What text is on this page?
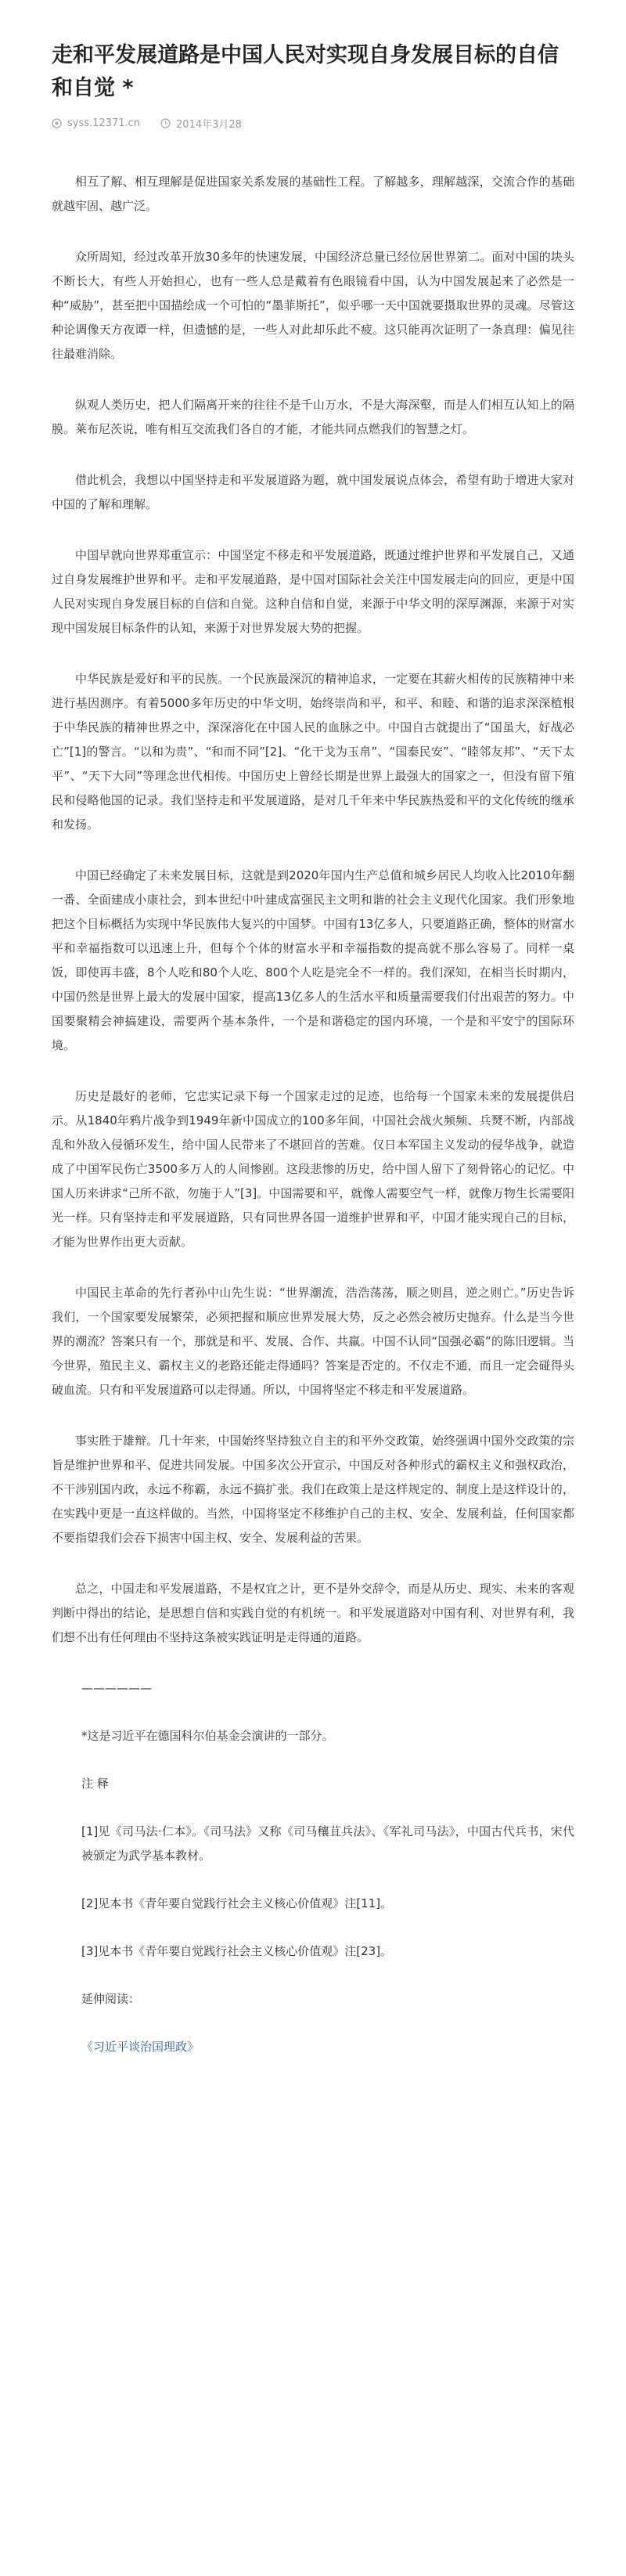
走和平发展道路是中国人民对实现自身发展目标的自信和自觉 *
syss.12371.cn	2014年3月28

相互了解、相互理解是促进国家关系发展的基础性工程。了解越多，理解越深，交流合作的基础就越牢固、越广泛。

众所周知，经过改革开放30多年的快速发展，中国经济总量已经位居世界第二。面对中国的块头不断长大，有些人开始担心，也有一些人总是戴着有色眼镜看中国，认为中国发展起来了必然是一种“威胁”，甚至把中国描绘成一个可怕的“墨菲斯托”，似乎哪一天中国就要摄取世界的灵魂。尽管这种论调像天方夜谭一样，但遗憾的是，一些人对此却乐此不疲。这只能再次证明了一条真理：偏见往往最难消除。

纵观人类历史，把人们隔离开来的往往不是千山万水，不是大海深壑，而是人们相互认知上的隔膜。莱布尼茨说，唯有相互交流我们各自的才能，才能共同点燃我们的智慧之灯。

借此机会，我想以中国坚持走和平发展道路为题，就中国发展说点体会，希望有助于增进大家对中国的了解和理解。

中国早就向世界郑重宣示：中国坚定不移走和平发展道路，既通过维护世界和平发展自己，又通过自身发展维护世界和平。走和平发展道路，是中国对国际社会关注中国发展走向的回应，更是中国人民对实现自身发展目标的自信和自觉。这种自信和自觉，来源于中华文明的深厚渊源，来源于对实现中国发展目标条件的认知，来源于对世界发展大势的把握。

中华民族是爱好和平的民族。一个民族最深沉的精神追求，一定要在其薪火相传的民族精神中来进行基因测序。有着5000多年历史的中华文明，始终崇尚和平，和平、和睦、和谐的追求深深植根于中华民族的精神世界之中，深深溶化在中国人民的血脉之中。中国自古就提出了“国虽大，好战必亡”[1]的警言。“以和为贵”、“和而不同”[2]、“化干戈为玉帛”、“国泰民安”、“睦邻友邦”、“天下太平”、“天下大同”等理念世代相传。中国历史上曾经长期是世界上最强大的国家之一，但没有留下殖民和侵略他国的记录。我们坚持走和平发展道路，是对几千年来中华民族热爱和平的文化传统的继承和发扬。

中国已经确定了未来发展目标，这就是到2020年国内生产总值和城乡居民人均收入比2010年翻一番、全面建成小康社会，到本世纪中叶建成富强民主文明和谐的社会主义现代化国家。我们形象地把这个目标概括为实现中华民族伟大复兴的中国梦。中国有13亿多人，只要道路正确，整体的财富水平和幸福指数可以迅速上升，但每个个体的财富水平和幸福指数的提高就不那么容易了。同样一桌饭，即使再丰盛，8个人吃和80个人吃、800个人吃是完全不一样的。我们深知，在相当长时期内，中国仍然是世界上最大的发展中国家，提高13亿多人的生活水平和质量需要我们付出艰苦的努力。中国要聚精会神搞建设，需要两个基本条件，一个是和谐稳定的国内环境，一个是和平安宁的国际环境。

历史是最好的老师，它忠实记录下每一个国家走过的足迹，也给每一个国家未来的发展提供启示。从1840年鸦片战争到1949年新中国成立的100多年间，中国社会战火频频、兵燹不断，内部战乱和外敌入侵循环发生，给中国人民带来了不堪回首的苦难。仅日本军国主义发动的侵华战争，就造成了中国军民伤亡3500多万人的人间惨剧。这段悲惨的历史，给中国人留下了刻骨铭心的记忆。中国人历来讲求“己所不欲，勿施于人”[3]。中国需要和平，就像人需要空气一样，就像万物生长需要阳光一样。只有坚持走和平发展道路，只有同世界各国一道维护世界和平，中国才能实现自己的目标，才能为世界作出更大贡献。

中国民主革命的先行者孙中山先生说：“世界潮流，浩浩荡荡，顺之则昌，逆之则亡。”历史告诉我们，一个国家要发展繁荣，必须把握和顺应世界发展大势，反之必然会被历史抛弃。什么是当今世界的潮流？答案只有一个，那就是和平、发展、合作、共赢。中国不认同“国强必霸”的陈旧逻辑。当今世界，殖民主义、霸权主义的老路还能走得通吗？答案是否定的。不仅走不通，而且一定会碰得头破血流。只有和平发展道路可以走得通。所以，中国将坚定不移走和平发展道路。

事实胜于雄辩。几十年来，中国始终坚持独立自主的和平外交政策，始终强调中国外交政策的宗旨是维护世界和平、促进共同发展。中国多次公开宣示，中国反对各种形式的霸权主义和强权政治，不干涉别国内政，永远不称霸，永远不搞扩张。我们在政策上是这样规定的、制度上是这样设计的，在实践中更是一直这样做的。当然，中国将坚定不移维护自己的主权、安全、发展利益，任何国家都不要指望我们会吞下损害中国主权、安全、发展利益的苦果。

总之，中国走和平发展道路，不是权宜之计，更不是外交辞令，而是从历史、现实、未来的客观判断中得出的结论，是思想自信和实践自觉的有机统一。和平发展道路对中国有利、对世界有利，我们想不出有任何理由不坚持这条被实践证明是走得通的道路。

——————

*这是习近平在德国科尔伯基金会演讲的一部分。

注 释

[1]见《司马法·仁本》。《司马法》又称《司马穰苴兵法》、《军礼司马法》，中国古代兵书，宋代被颁定为武学基本教材。

[2]见本书《青年要自觉践行社会主义核心价值观》注[11]。

[3]见本书《青年要自觉践行社会主义核心价值观》注[23]。

延伸阅读：

《习近平谈治国理政》
